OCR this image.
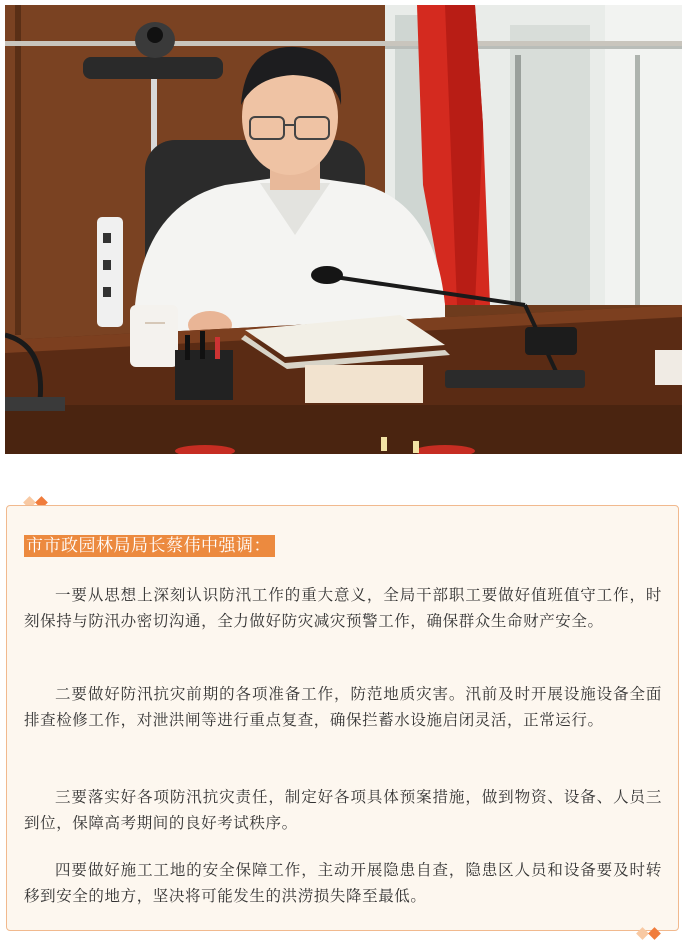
市市政园林局局长蔡伟中强调：

一要从思想上深刻认识防汛工作的重大意义，全局干部职工要做好值班值守工作，时刻保持与防汛办密切沟通，全力做好防灾减灾预警工作，确保群众生命财产安全。

二要做好防汛抗灾前期的各项准备工作，防范地质灾害。汛前及时开展设施设备全面排查检修工作，对泄洪闸等进行重点复查，确保拦蓄水设施启闭灵活，正常运行。

三要落实好各项防汛抗灾责任，制定好各项具体预案措施，做到物资、设备、人员三到位，保障高考期间的良好考试秩序。

四要做好施工工地的安全保障工作，主动开展隐患自查，隐患区人员和设备要及时转移到安全的地方，坚决将可能发生的洪涝损失降至最低。
